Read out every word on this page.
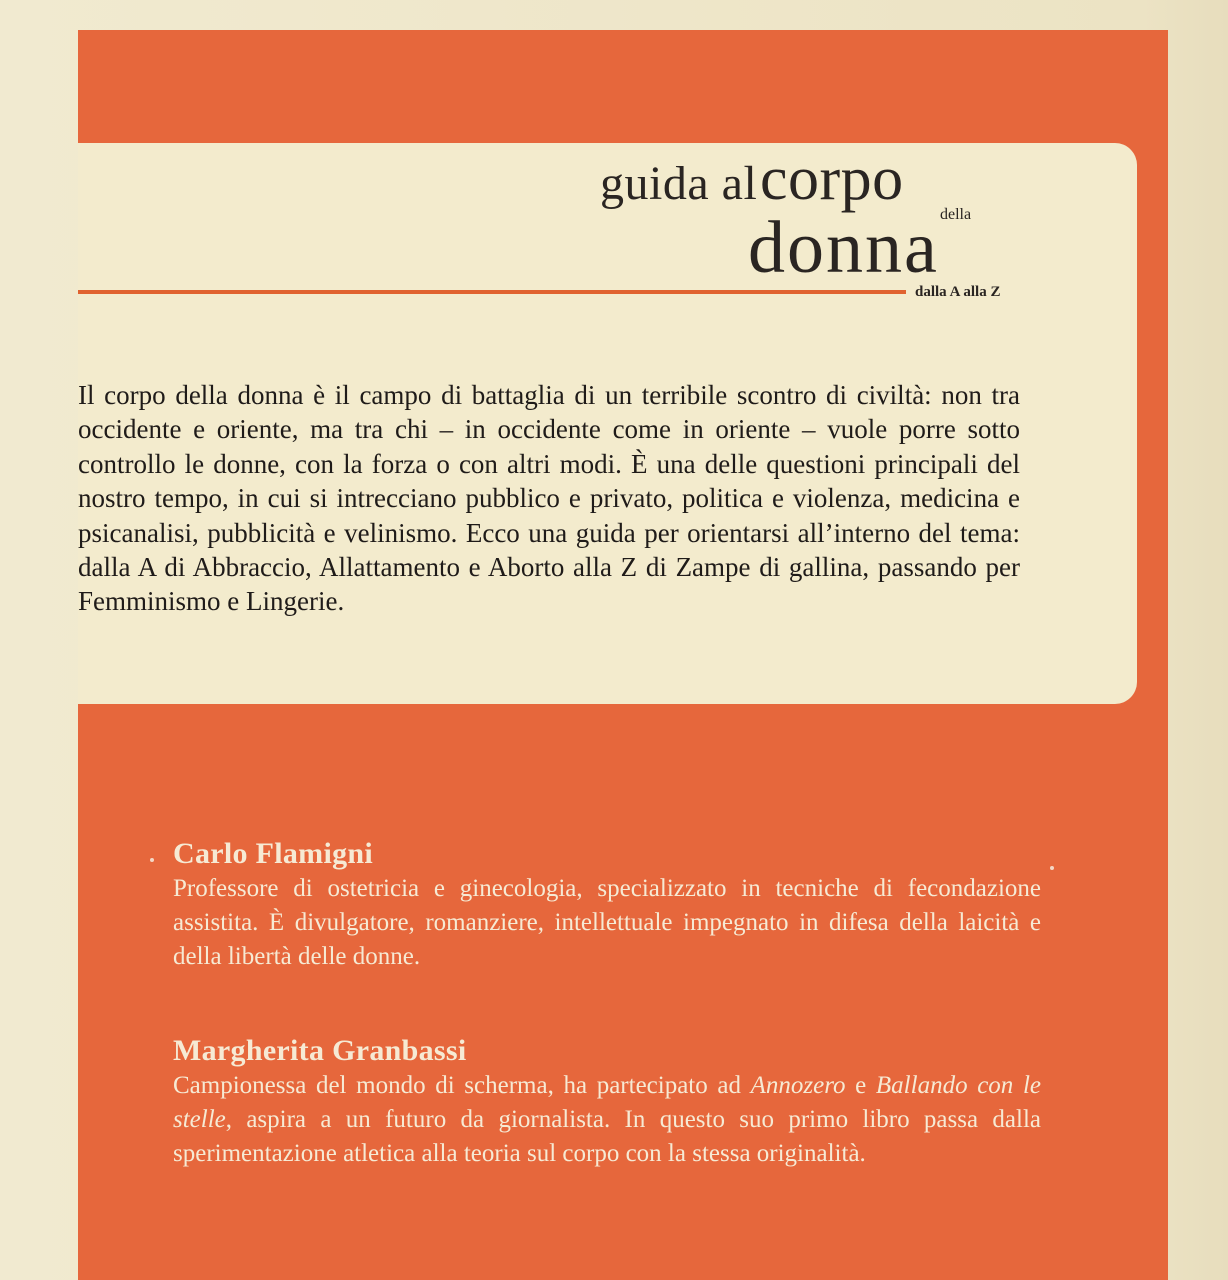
guida al corpo
della
donna
dalla A alla Z

Il corpo della donna è il campo di battaglia di un terribile scontro di civiltà: non tra occidente e oriente, ma tra chi – in occidente come in oriente – vuole porre sotto controllo le donne, con la forza o con altri modi. È una delle questioni principali del nostro tempo, in cui si intrecciano pubblico e privato, politica e violenza, medicina e psicanalisi, pubblicità e velinismo. Ecco una guida per orientarsi all’interno del tema: dalla A di Abbraccio, Allattamento e Aborto alla Z di Zampe di gallina, passando per Femminismo e Lingerie.

Carlo Flamigni

Professore di ostetricia e ginecologia, specializzato in tecniche di fecondazione assistita. È divulgatore, romanziere, intellettuale impegnato in difesa della laicità e della libertà delle donne.

Margherita Granbassi

Campionessa del mondo di scherma, ha partecipato ad Annozero e Ballando con le stelle, aspira a un futuro da giornalista. In questo suo primo libro passa dalla sperimentazione atletica alla teoria sul corpo con la stessa originalità.
